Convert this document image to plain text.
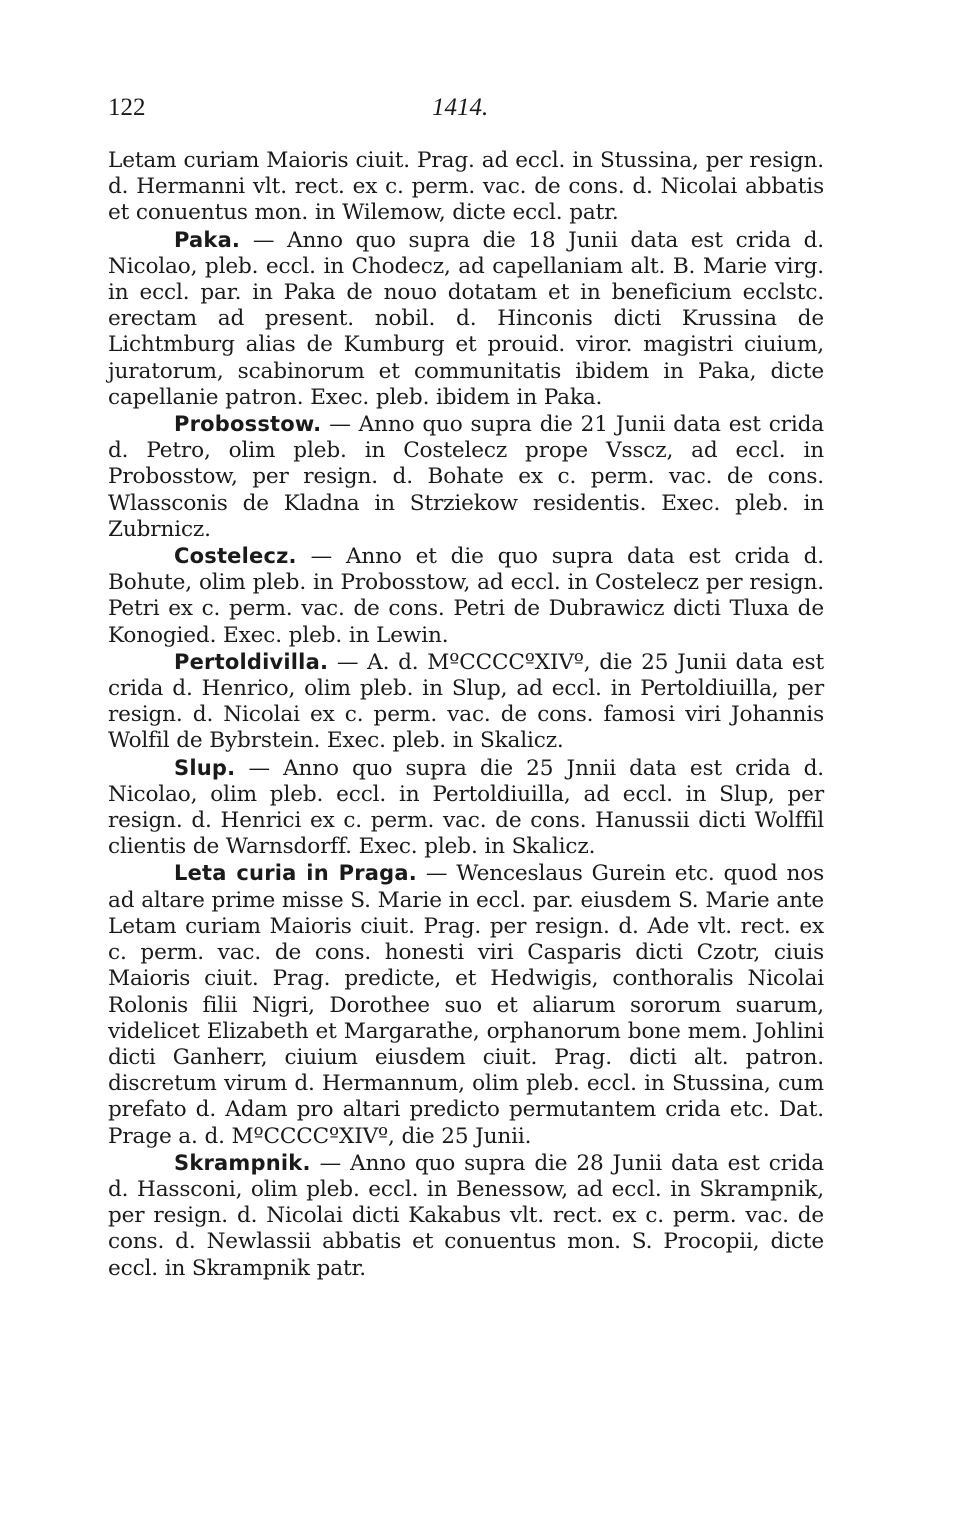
122	1414.

Letam curiam Maioris ciuit. Prag. ad eccl. in Stussina, per resign. d. Hermanni vlt. rect. ex c. perm. vac. de cons. d. Nicolai abbatis et conuentus mon. in Wilemow, dicte eccl. patr.

Paka. — Anno quo supra die 18 Junii data est crida d. Nicolao, pleb. eccl. in Chodecz, ad capellaniam alt. B. Marie virg. in eccl. par. in Paka de nouo dotatam et in beneficium ecclstc. erectam ad present. nobil. d. Hinconis dicti Krussina de Lichtmburg alias de Kumburg et prouid. viror. magistri ciuium, juratorum, scabinorum et communitatis ibidem in Paka, dicte capellanie patron. Exec. pleb. ibidem in Paka.

Probosstow. — Anno quo supra die 21 Junii data est crida d. Petro, olim pleb. in Costelecz prope Vsscz, ad eccl. in Probosstow, per resign. d. Bohate ex c. perm. vac. de cons. Wlassconis de Kladna in Strziekow residentis. Exec. pleb. in Zubrnicz.

Costelecz. — Anno et die quo supra data est crida d. Bohute, olim pleb. in Probosstow, ad eccl. in Costelecz per resign. Petri ex c. perm. vac. de cons. Petri de Dubrawicz dicti Tluxa de Konogied. Exec. pleb. in Lewin.

Pertoldivilla. — A. d. MºCCCCºXIVº, die 25 Junii data est crida d. Henrico, olim pleb. in Slup, ad eccl. in Pertoldiuilla, per resign. d. Nicolai ex c. perm. vac. de cons. famosi viri Johannis Wolfil de Bybrstein. Exec. pleb. in Skalicz.

Slup. — Anno quo supra die 25 Jnnii data est crida d. Nicolao, olim pleb. eccl. in Pertoldiuilla, ad eccl. in Slup, per resign. d. Henrici ex c. perm. vac. de cons. Hanussii dicti Wolffil clientis de Warnsdorff. Exec. pleb. in Skalicz.

Leta curia in Praga. — Wenceslaus Gurein etc. quod nos ad altare prime misse S. Marie in eccl. par. eiusdem S. Marie ante Letam curiam Maioris ciuit. Prag. per resign. d. Ade vlt. rect. ex c. perm. vac. de cons. honesti viri Casparis dicti Czotr, ciuis Maioris ciuit. Prag. predicte, et Hedwigis, conthoralis Nicolai Rolonis filii Nigri, Dorothee suo et aliarum sororum suarum, videlicet Elizabeth et Margarathe, orphanorum bone mem. Johlini dicti Ganherr, ciuium eiusdem ciuit. Prag. dicti alt. patron. discretum virum d. Hermannum, olim pleb. eccl. in Stussina, cum prefato d. Adam pro altari predicto permutantem crida etc. Dat. Prage a. d. MºCCCCºXIVº, die 25 Junii.

Skrampnik. — Anno quo supra die 28 Junii data est crida d. Hassconi, olim pleb. eccl. in Benessow, ad eccl. in Skrampnik, per resign. d. Nicolai dicti Kakabus vlt. rect. ex c. perm. vac. de cons. d. Newlassii abbatis et conuentus mon. S. Procopii, dicte eccl. in Skrampnik patr.
